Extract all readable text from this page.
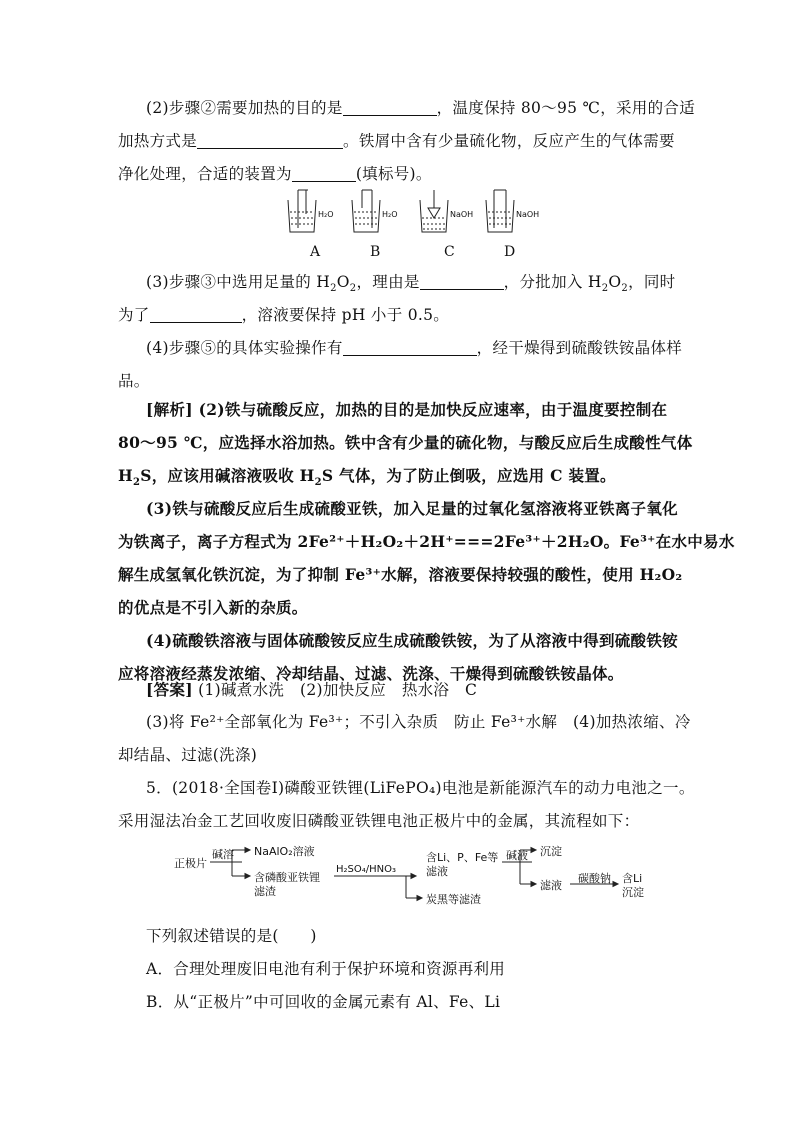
(2)步骤②需要加热的目的是	，温度保持 80～95 ℃，采用的合适
加热方式是	。铁屑中含有少量硫化物，反应产生的气体需要
净化处理，合适的装置为	(填标号)。
H₂O	H₂O	NaOH	NaOH
A	B	C	D
(3)步骤③中选用足量的 $H_2O_2$，理由是	，分批加入 $H_2O_2$，同时
为了	，溶液要保持 pH 小于 0.5。
(4)步骤⑤的具体实验操作有	，经干燥得到硫酸铁铵晶体样
品。
[解析] (2)铁与硫酸反应，加热的目的是加快反应速率，由于温度要控制在
80～95 ℃，应选择水浴加热。铁中含有少量的硫化物，与酸反应后生成酸性气体
$H_2S$，应该用碱溶液吸收 $H_2S$ 气体，为了防止倒吸，应选用 C 装置。
(3)铁与硫酸反应后生成硫酸亚铁，加入足量的过氧化氢溶液将亚铁离子氧化
为铁离子，离子方程式为 2Fe²⁺＋H₂O₂＋2H⁺===2Fe³⁺＋2H₂O。Fe³⁺在水中易水
解生成氢氧化铁沉淀，为了抑制 Fe³⁺水解，溶液要保持较强的酸性，使用 H₂O₂
的优点是不引入新的杂质。
(4)硫酸铁溶液与固体硫酸铵反应生成硫酸铁铵，为了从溶液中得到硫酸铁铵
应将溶液经蒸发浓缩、冷却结晶、过滤、洗涤、干燥得到硫酸铁铵晶体。
[答案] (1)碱煮水洗　(2)加快反应　热水浴　C
(3)将 Fe²⁺全部氧化为 Fe³⁺；不引入杂质　防止 Fe³⁺水解　(4)加热浓缩、冷
却结晶、过滤(洗涤)
5．(2018·全国卷Ⅰ)磷酸亚铁锂(LiFePO₄)电池是新能源汽车的动力电池之一。
采用湿法冶金工艺回收废旧磷酸亚铁锂电池正极片中的金属，其流程如下：
正极片
碱溶 NaAlO₂溶液
含磷酸亚铁锂
滤渣
H₂SO₄/HNO₃
含Li、P、Fe等
滤液
炭黑等滤渣
碱液 沉淀
滤液
碳酸钠 含Li
沉淀
下列叙述错误的是(　　)
A．合理处理废旧电池有利于保护环境和资源再利用
B．从“正极片”中可回收的金属元素有 Al、Fe、Li
